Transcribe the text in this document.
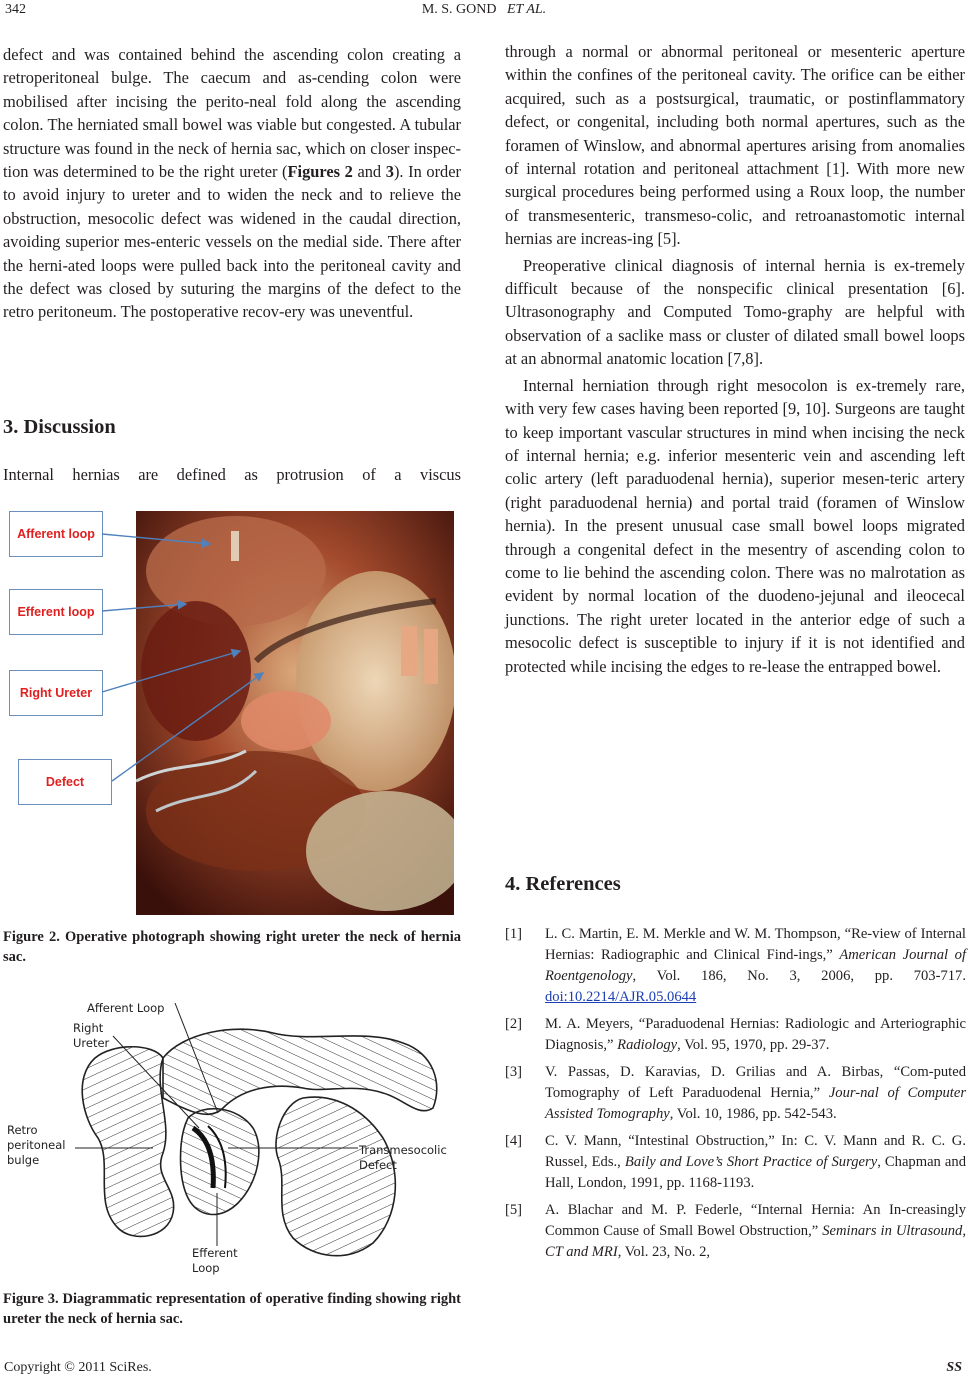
342	M. S. GOND ET AL.

defect and was contained behind the ascending colon creating a retroperitoneal bulge. The caecum and as-cending colon were mobilised after incising the perito-neal fold along the ascending colon. The herniated small bowel was viable but congested. A tubular structure was found in the neck of hernia sac, which on closer inspec-tion was determined to be the right ureter (Figures 2 and 3). In order to avoid injury to ureter and to widen the neck and to relieve the obstruction, mesocolic defect was widened in the caudal direction, avoiding superior mes-enteric vessels on the medial side. There after the herni-ated loops were pulled back into the peritoneal cavity and the defect was closed by suturing the margins of the defect to the retro peritoneum. The postoperative recov-ery was uneventful.

3. Discussion

Internal hernias are defined as protrusion of a viscus

Afferent loop
Efferent loop
Right Ureter
Defect
Figure 2. Operative photograph showing right ureter the neck of hernia sac.
Afferent Loop
Right
Ureter
Retro
peritoneal
bulge
Transmesocolic
Defect
Efferent
Loop
Figure 3. Diagrammatic representation of operative finding showing right ureter the neck of hernia sac.

through a normal or abnormal peritoneal or mesenteric aperture within the confines of the peritoneal cavity. The orifice can be either acquired, such as a postsurgical, traumatic, or postinflammatory defect, or congenital, including both normal apertures, such as the foramen of Winslow, and abnormal apertures arising from anomalies of internal rotation and peritoneal attachment [1]. With more new surgical procedures being performed using a Roux loop, the number of transmesenteric, transmeso-colic, and retroanastomotic internal hernias are increas-ing [5].

Preoperative clinical diagnosis of internal hernia is ex-tremely difficult because of the nonspecific clinical presentation [6]. Ultrasonography and Computed Tomo-graphy are helpful with observation of a saclike mass or cluster of dilated small bowel loops at an abnormal anatomic location [7,8].

Internal herniation through right mesocolon is ex-tremely rare, with very few cases having been reported [9, 10]. Surgeons are taught to keep important vascular structures in mind when incising the neck of internal hernia; e.g. inferior mesenteric vein and ascending left colic artery (left paraduodenal hernia), superior mesen-teric artery (right paraduodenal hernia) and portal traid (foramen of Winslow hernia). In the present unusual case small bowel loops migrated through a congenital defect in the mesentry of ascending colon to come to lie behind the ascending colon. There was no malrotation as evident by normal location of the duodeno-jejunal and ileocecal junctions. The right ureter located in the anterior edge of such a mesocolic defect is susceptible to injury if it is not identified and protected while incising the edges to re-lease the entrapped bowel.

4. References
[1] L. C. Martin, E. M. Merkle and W. M. Thompson, “Re-view of Internal Hernias: Radiographic and Clinical Find-ings,” American Journal of Roentgenology, Vol. 186, No. 3, 2006, pp. 703-717. doi:10.2214/AJR.05.0644
[2] M. A. Meyers, “Paraduodenal Hernias: Radiologic and Arteriographic Diagnosis,” Radiology, Vol. 95, 1970, pp. 29-37.
[3] V. Passas, D. Karavias, D. Grilias and A. Birbas, “Com-puted Tomography of Left Paraduodenal Hernia,” Jour-nal of Computer Assisted Tomography, Vol. 10, 1986, pp. 542-543.
[4] C. V. Mann, “Intestinal Obstruction,” In: C. V. Mann and R. C. G. Russel, Eds., Baily and Love’s Short Practice of Surgery, Chapman and Hall, London, 1991, pp. 1168-1193.
[5] A. Blachar and M. P. Federle, “Internal Hernia: An In-creasingly Common Cause of Small Bowel Obstruction,” Seminars in Ultrasound, CT and MRI, Vol. 23, No. 2,
Copyright © 2011 SciRes.	SS
